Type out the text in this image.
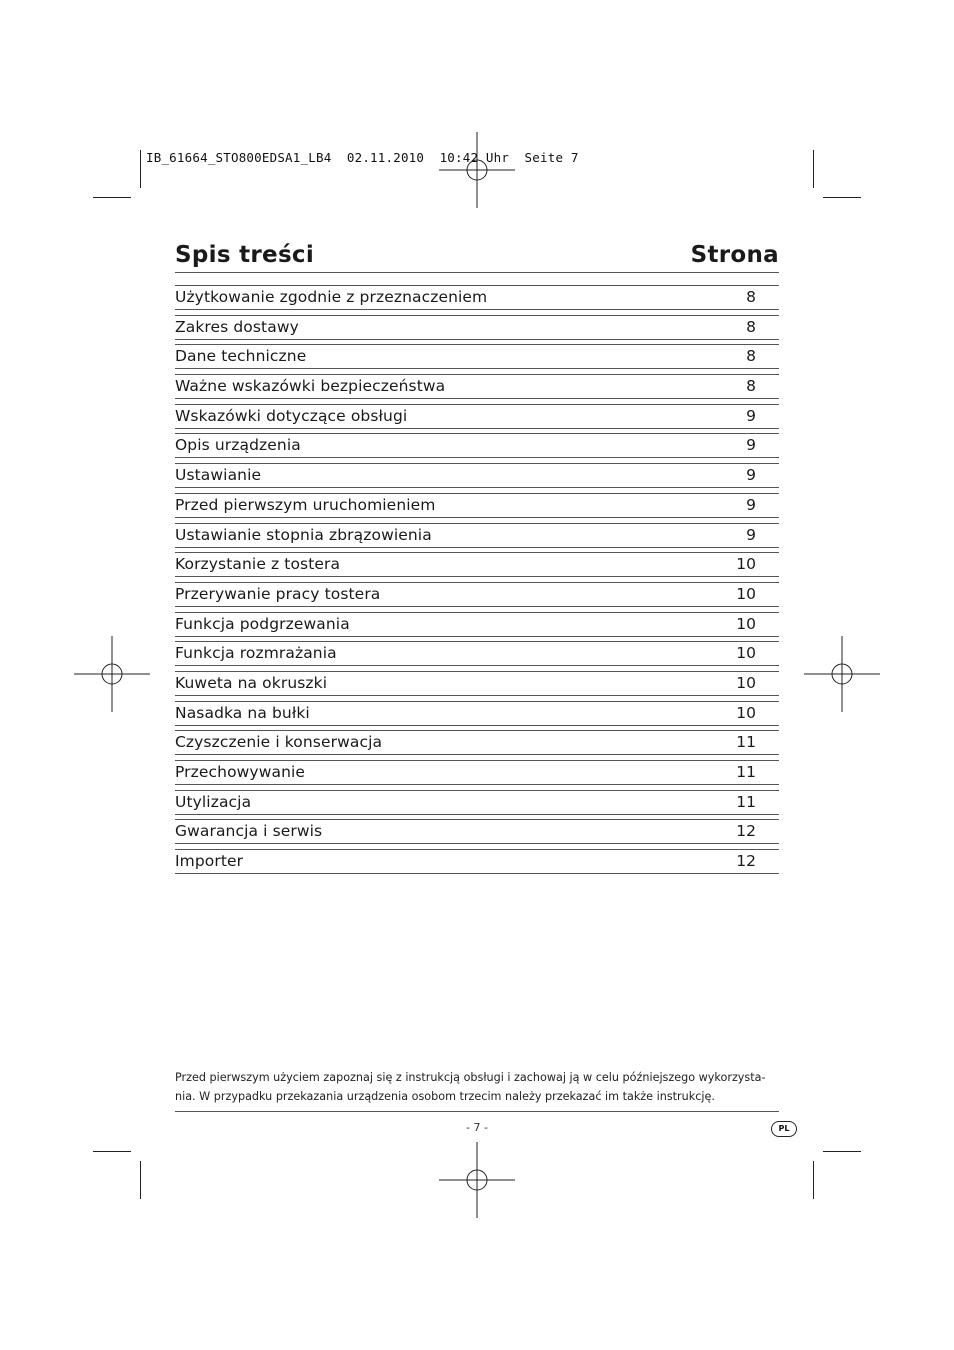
IB_61664_STO800EDSA1_LB4  02.11.2010  10:42 Uhr  Seite 7
Spis treści	Strona
Użytkowanie zgodnie z przeznaczeniem	8
Zakres dostawy	8
Dane techniczne	8
Ważne wskazówki bezpieczeństwa	8
Wskazówki dotyczące obsługi	9
Opis urządzenia	9
Ustawianie	9
Przed pierwszym uruchomieniem	9
Ustawianie stopnia zbrązowienia	9
Korzystanie z tostera	10
Przerywanie pracy tostera	10
Funkcja podgrzewania	10
Funkcja rozmrażania	10
Kuweta na okruszki	10
Nasadka na bułki	10
Czyszczenie i konserwacja	11
Przechowywanie	11
Utylizacja	11
Gwarancja i serwis	12
Importer	12
Przed pierwszym użyciem zapoznaj się z instrukcją obsługi i zachowaj ją w celu późniejszego wykorzysta-
nia. W przypadku przekazania urządzenia osobom trzecim należy przekazać im także instrukcję.
- 7 -	PL
